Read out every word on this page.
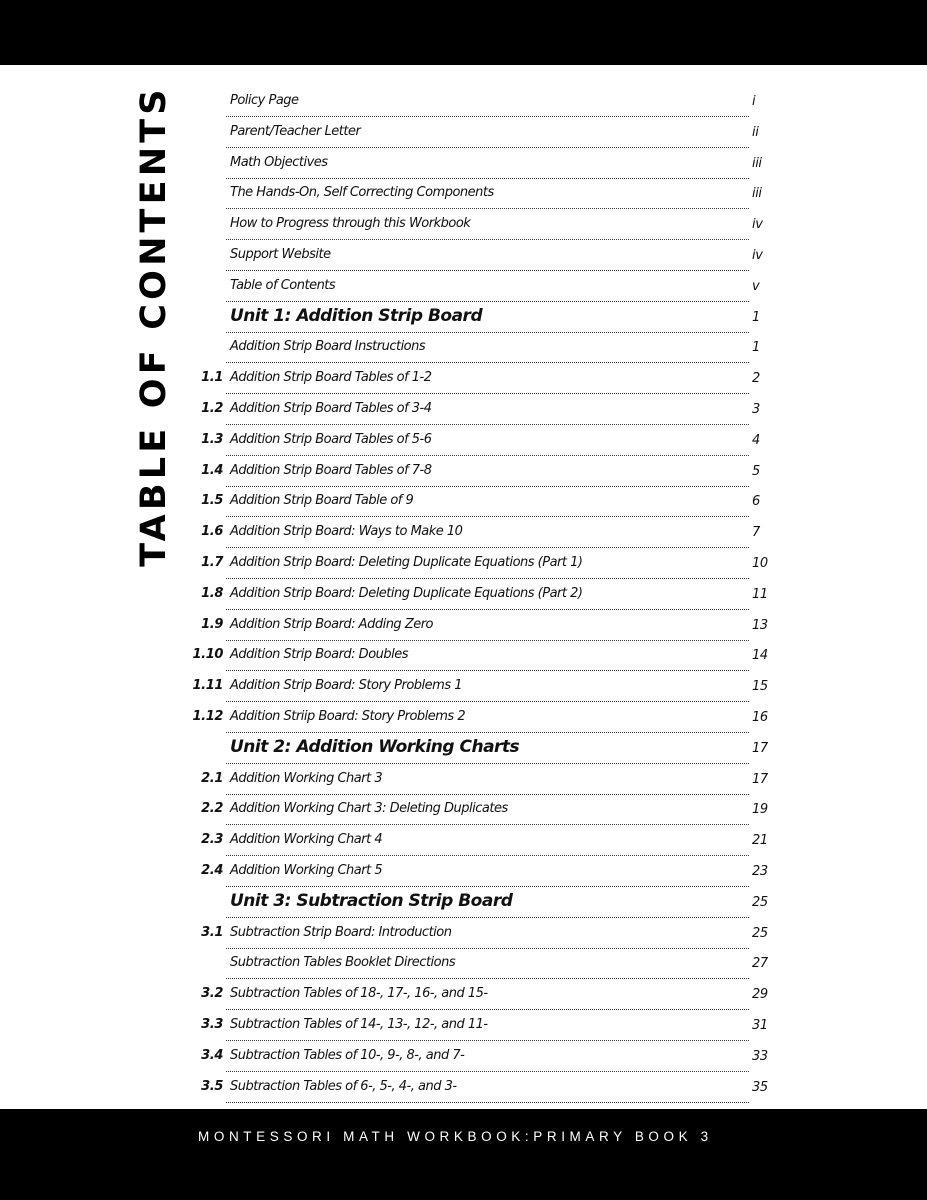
TABLE OF CONTENTS	Policy Page	i
Parent/Teacher Letter	ii
Math Objectives	iii
The Hands-On, Self Correcting Components	iii
How to Progress through this Workbook	iv
Support Website	iv
Table of Contents	v
Unit 1: Addition Strip Board	1
Addition Strip Board Instructions	1
1.1 Addition Strip Board Tables of 1-2	2
1.2 Addition Strip Board Tables of 3-4	3
1.3 Addition Strip Board Tables of 5-6	4
1.4 Addition Strip Board Tables of 7-8	5
1.5 Addition Strip Board Table of 9	6
1.6 Addition Strip Board: Ways to Make 10	7
1.7 Addition Strip Board: Deleting Duplicate Equations (Part 1)	10
1.8 Addition Strip Board: Deleting Duplicate Equations (Part 2)	11
1.9 Addition Strip Board: Adding Zero	13
1.10 Addition Strip Board: Doubles	14
1.11 Addition Strip Board: Story Problems 1	15
1.12 Addition Striip Board: Story Problems 2	16
Unit 2: Addition Working Charts	17
2.1 Addition Working Chart 3	17
2.2 Addition Working Chart 3: Deleting Duplicates	19
2.3 Addition Working Chart 4	21
2.4 Addition Working Chart 5	23
Unit 3: Subtraction Strip Board	25
3.1 Subtraction Strip Board: Introduction	25
Subtraction Tables Booklet Directions	27
3.2 Subtraction Tables of 18-, 17-, 16-, and 15-	29
3.3 Subtraction Tables of 14-, 13-, 12-, and 11-	31
3.4 Subtraction Tables of 10-, 9-, 8-, and 7-	33
3.5 Subtraction Tables of 6-, 5-, 4-, and 3-	35
MONTESSORI MATH WORKBOOK:PRIMARY BOOK 3
